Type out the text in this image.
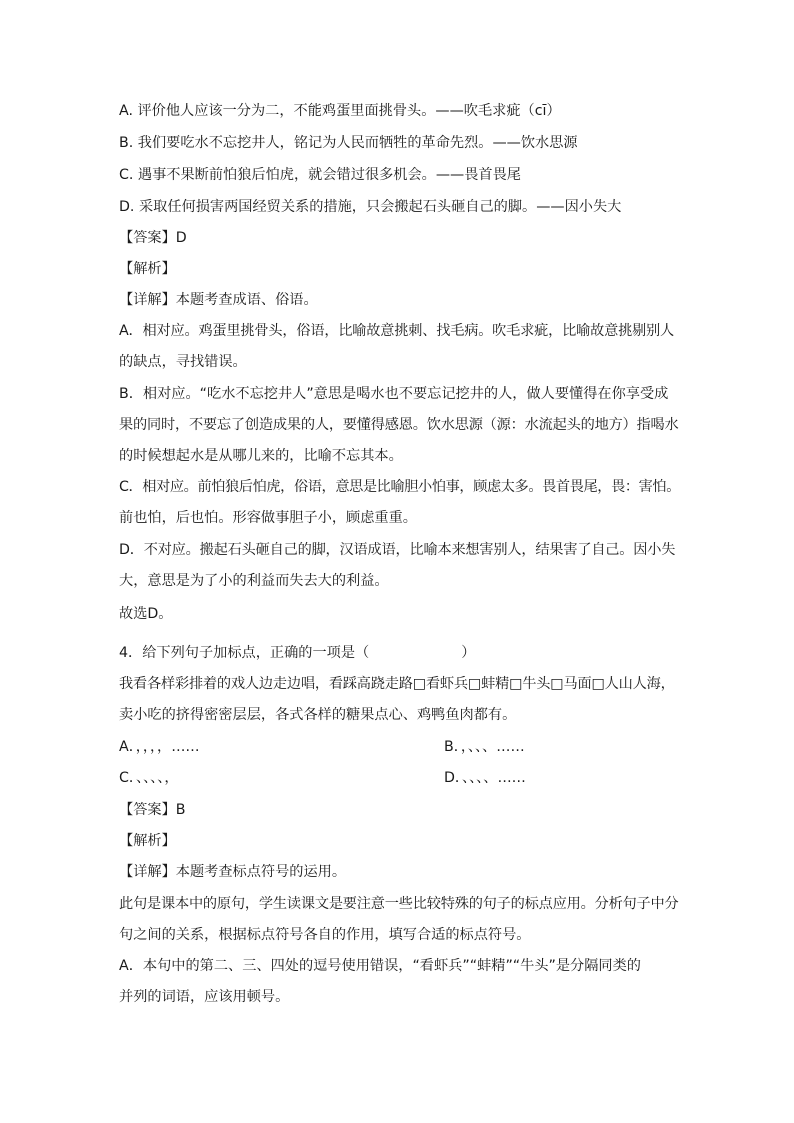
A. 评价他人应该一分为二，不能鸡蛋里面挑骨头。——吹毛求疵（cī）
B. 我们要吃水不忘挖井人，铭记为人民而牺牲的革命先烈。——饮水思源
C. 遇事不果断前怕狼后怕虎，就会错过很多机会。——畏首畏尾
D. 采取任何损害两国经贸关系的措施，只会搬起石头砸自己的脚。——因小失大
【答案】D
【解析】
【详解】本题考查成语、俗语。
A．相对应。鸡蛋里挑骨头，俗语，比喻故意挑刺、找毛病。吹毛求疵，比喻故意挑剔别人
的缺点，寻找错误。
B．相对应。“吃水不忘挖井人”意思是喝水也不要忘记挖井的人，做人要懂得在你享受成
果的同时，不要忘了创造成果的人，要懂得感恩。饮水思源（源：水流起头的地方）指喝水
的时候想起水是从哪儿来的，比喻不忘其本。
C．相对应。前怕狼后怕虎，俗语，意思是比喻胆小怕事，顾虑太多。畏首畏尾，畏：害怕。
前也怕，后也怕。形容做事胆子小，顾虑重重。
D．不对应。搬起石头砸自己的脚，汉语成语，比喻本来想害别人，结果害了自己。因小失
大，意思是为了小的利益而失去大的利益。
故选D。
4．给下列句子加标点，正确的一项是（	）
我看各样彩排着的戏人边走边唱，看踩高跷走路□看虾兵□蚌精□牛头□马面□人山人海，
卖小吃的挤得密密层层，各式各样的糖果点心、鸡鸭鱼肉都有。
A．，，，，……	B．，、、、……
C．、、、、，	D．、、、、……
【答案】B
【解析】
【详解】本题考查标点符号的运用。
此句是课本中的原句，学生读课文是要注意一些比较特殊的句子的标点应用。分析句子中分
句之间的关系，根据标点符号各自的作用，填写合适的标点符号。
A．本句中的第二、三、四处的逗号使用错误，“看虾兵”“蚌精”“牛头”是分隔同类的
并列的词语，应该用顿号。
